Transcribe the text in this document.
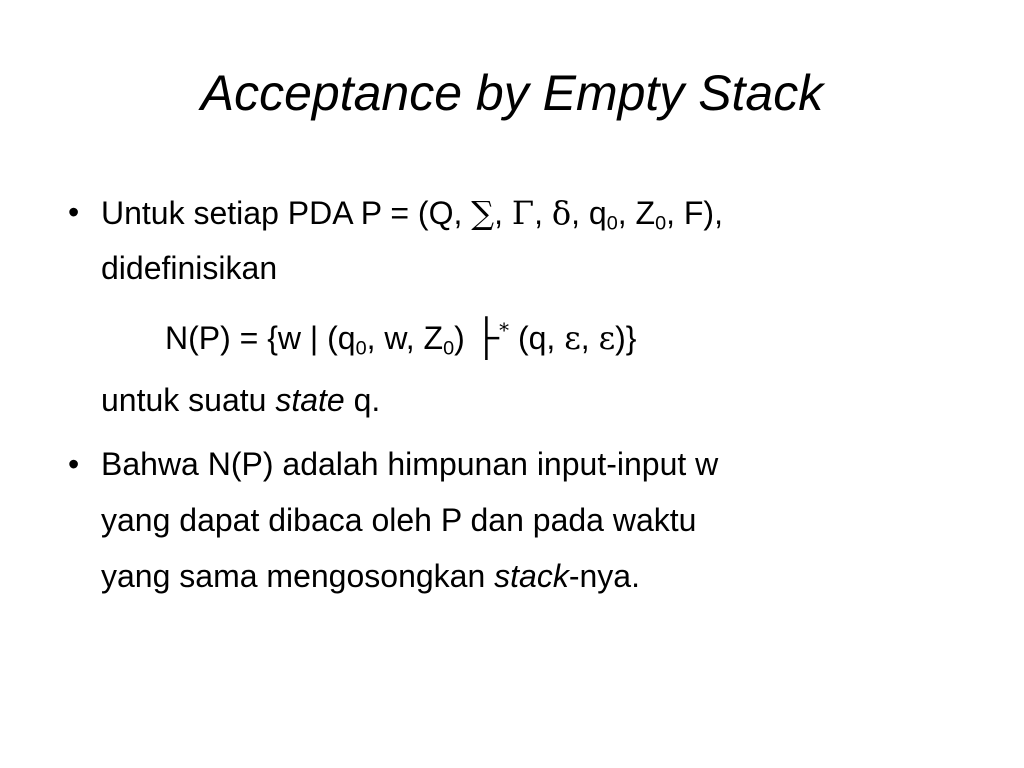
Acceptance by Empty Stack
• Untuk setiap PDA P = (Q, ∑, Γ, δ, $q_0$, $Z_0$, F),
didefinisikan
N(P) = {w | ($q_0$, w, $Z_0$) ├* (q, ε, ε)}
untuk suatu state q.
• Bahwa N(P) adalah himpunan input-input w
yang dapat dibaca oleh P dan pada waktu
yang sama mengosongkan stack-nya.
